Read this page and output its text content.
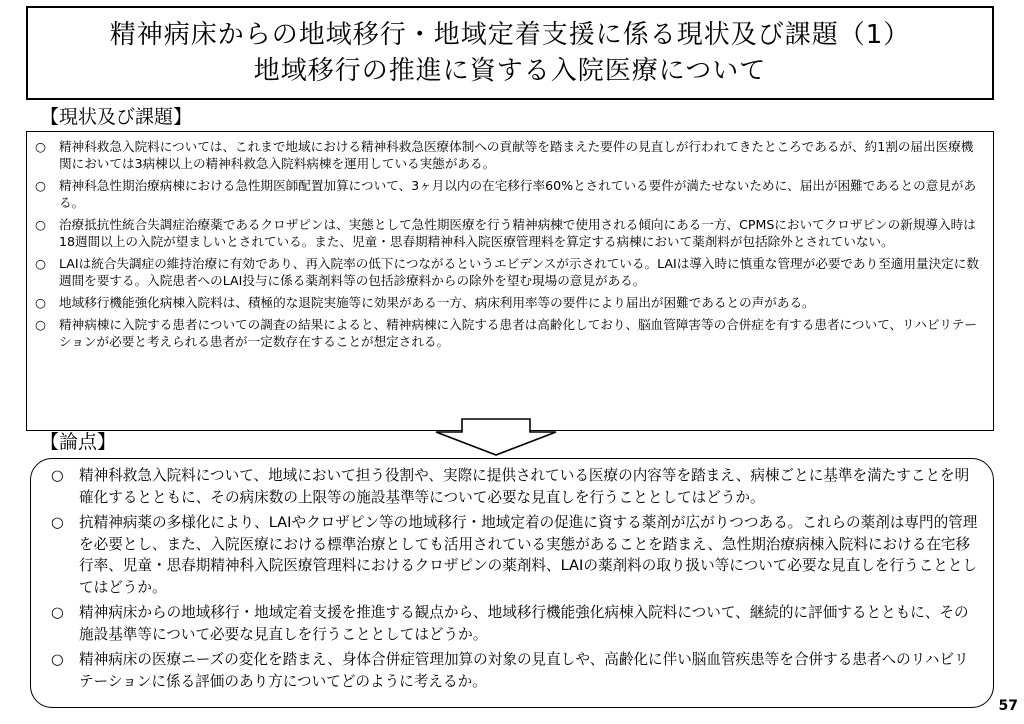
精神病床からの地域移行・地域定着支援に係る現状及び課題（1）
地域移行の推進に資する入院医療について
【現状及び課題】
○	精神科救急入院料については、これまで地域における精神科救急医療体制への貢献等を踏まえた要件の見直しが行われてきたところであるが、約1割の届出医療機関においては3病棟以上の精神科救急入院料病棟を運用している実態がある。
○	精神科急性期治療病棟における急性期医師配置加算について、3ヶ月以内の在宅移行率60%とされている要件が満たせないために、届出が困難であるとの意見がある。
○	治療抵抗性統合失調症治療薬であるクロザピンは、実態として急性期医療を行う精神病棟で使用される傾向にある一方、CPMSにおいてクロザピンの新規導入時は18週間以上の入院が望ましいとされている。また、児童・思春期精神科入院医療管理料を算定する病棟において薬剤料が包括除外とされていない。
○	LAIは統合失調症の維持治療に有効であり、再入院率の低下につながるというエビデンスが示されている。LAIは導入時に慎重な管理が必要であり至適用量決定に数週間を要する。入院患者へのLAI投与に係る薬剤料等の包括診療料からの除外を望む現場の意見がある。
○	地域移行機能強化病棟入院料は、積極的な退院実施等に効果がある一方、病床利用率等の要件により届出が困難であるとの声がある。
○	精神病棟に入院する患者についての調査の結果によると、精神病棟に入院する患者は高齢化しており、脳血管障害等の合併症を有する患者について、リハビリテーションが必要と考えられる患者が一定数存在することが想定される。
【論点】
○	精神科救急入院料について、地域において担う役割や、実際に提供されている医療の内容等を踏まえ、病棟ごとに基準を満たすことを明確化するとともに、その病床数の上限等の施設基準等について必要な見直しを行うこととしてはどうか。
○	抗精神病薬の多様化により、LAIやクロザピン等の地域移行・地域定着の促進に資する薬剤が広がりつつある。これらの薬剤は専門的管理を必要とし、また、入院医療における標準治療としても活用されている実態があることを踏まえ、急性期治療病棟入院料における在宅移行率、児童・思春期精神科入院医療管理料におけるクロザピンの薬剤料、LAIの薬剤料の取り扱い等について必要な見直しを行うこととしてはどうか。
○	精神病床からの地域移行・地域定着支援を推進する観点から、地域移行機能強化病棟入院料について、継続的に評価するとともに、その施設基準等について必要な見直しを行うこととしてはどうか。
○	精神病床の医療ニーズの変化を踏まえ、身体合併症管理加算の対象の見直しや、高齢化に伴い脳血管疾患等を合併する患者へのリハビリテーションに係る評価のあり方についてどのように考えるか。
57
